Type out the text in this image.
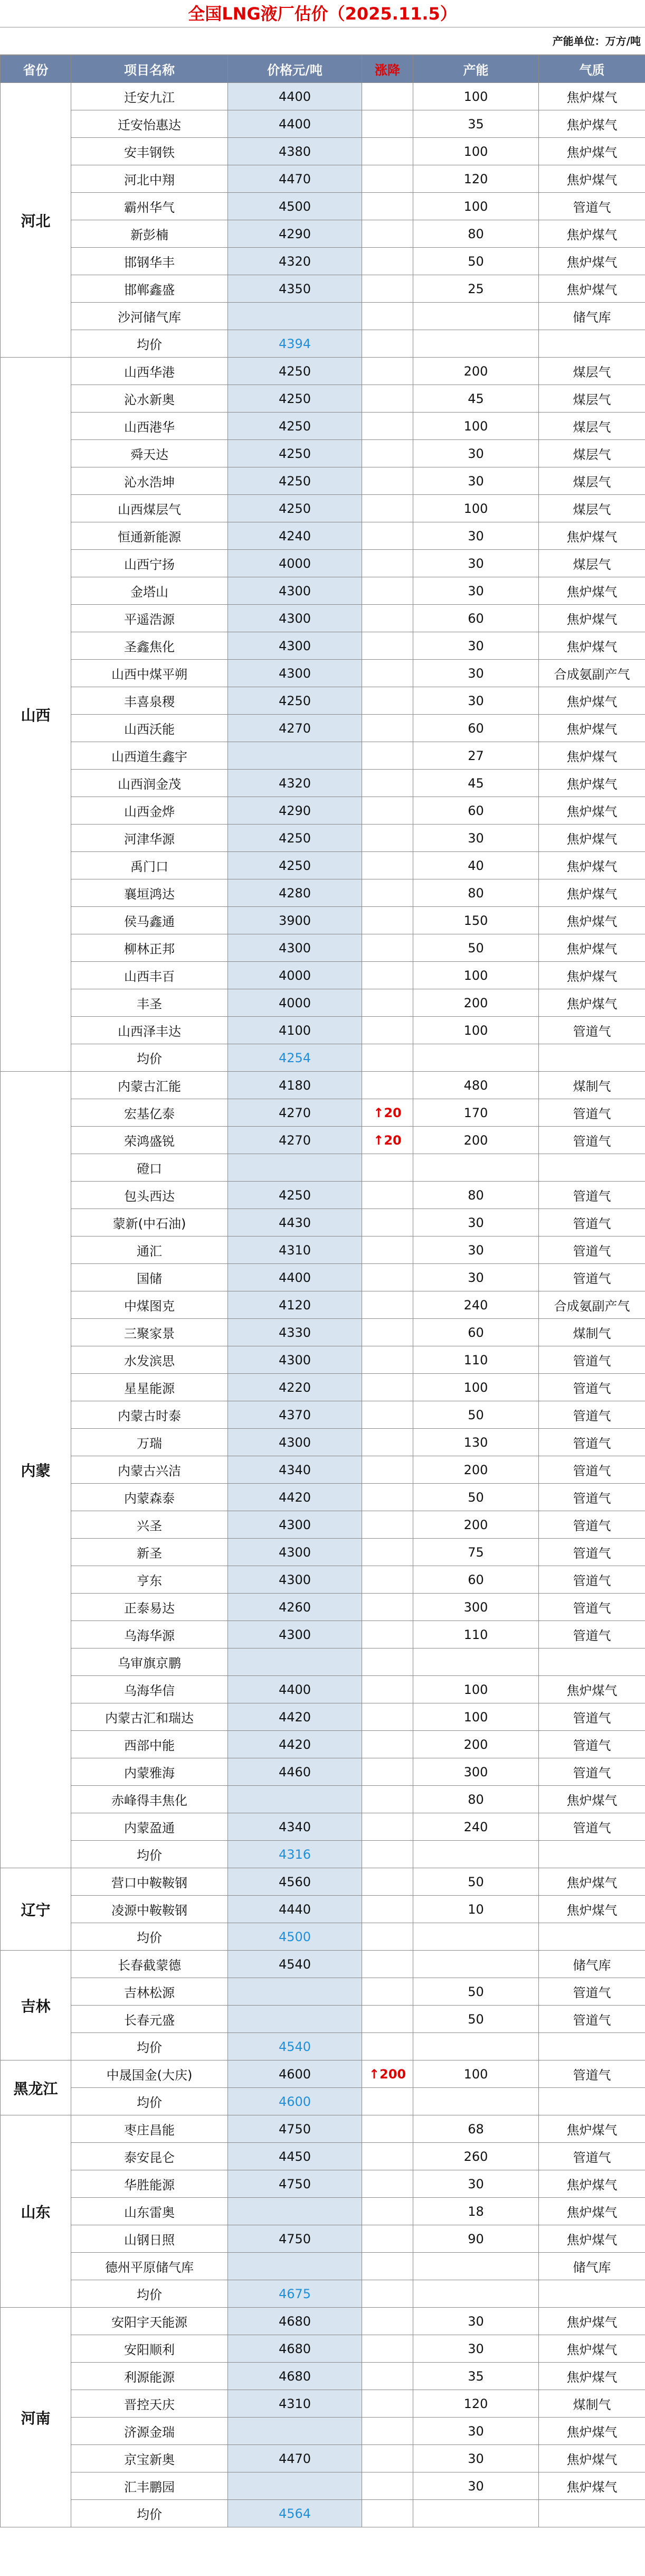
全国LNG液厂估价（2025.11.5）
产能单位：万方/吨
省份	项目名称	价格元/吨	涨降	产能	气质
河北	迁安九江	4400		100	焦炉煤气
	迁安怡惠达	4400		35	焦炉煤气
	安丰钢铁	4380		100	焦炉煤气
	河北中翔	4470		120	焦炉煤气
	霸州华气	4500		100	管道气
	新彭楠	4290		80	焦炉煤气
	邯钢华丰	4320		50	焦炉煤气
	邯郸鑫盛	4350		25	焦炉煤气
	沙河储气库				储气库
	均价	4394			
山西	山西华港	4250		200	煤层气
	沁水新奥	4250		45	煤层气
	山西港华	4250		100	煤层气
	舜天达	4250		30	煤层气
	沁水浩坤	4250		30	煤层气
	山西煤层气	4250		100	煤层气
	恒通新能源	4240		30	焦炉煤气
	山西宁扬	4000		30	煤层气
	金塔山	4300		30	焦炉煤气
	平遥浩源	4300		60	焦炉煤气
	圣鑫焦化	4300		30	焦炉煤气
	山西中煤平朔	4300		30	合成氨副产气
	丰喜泉稷	4250		30	焦炉煤气
	山西沃能	4270		60	焦炉煤气
	山西道生鑫宇			27	焦炉煤气
	山西润金茂	4320		45	焦炉煤气
	山西金烨	4290		60	焦炉煤气
	河津华源	4250		30	焦炉煤气
	禹门口	4250		40	焦炉煤气
	襄垣鸿达	4280		80	焦炉煤气
	侯马鑫通	3900		150	焦炉煤气
	柳林正邦	4300		50	焦炉煤气
	山西丰百	4000		100	焦炉煤气
	丰圣	4000		200	焦炉煤气
	山西泽丰达	4100		100	管道气
	均价	4254			
内蒙	内蒙古汇能	4180		480	煤制气
	宏基亿泰	4270	↑20	170	管道气
	荣鸿盛锐	4270	↑20	200	管道气
	磴口				
	包头西达	4250		80	管道气
	蒙新(中石油)	4430		30	管道气
	通汇	4310		30	管道气
	国储	4400		30	管道气
	中煤图克	4120		240	合成氨副产气
	三聚家景	4330		60	煤制气
	水发滨思	4300		110	管道气
	星星能源	4220		100	管道气
	内蒙古时泰	4370		50	管道气
	万瑞	4300		130	管道气
	内蒙古兴洁	4340		200	管道气
	内蒙森泰	4420		50	管道气
	兴圣	4300		200	管道气
	新圣	4300		75	管道气
	亨东	4300		60	管道气
	正泰易达	4260		300	管道气
	乌海华源	4300		110	管道气
	乌审旗京鹏				
	乌海华信	4400		100	焦炉煤气
	内蒙古汇和瑞达	4420		100	管道气
	西部中能	4420		200	管道气
	内蒙雅海	4460		300	管道气
	赤峰得丰焦化			80	焦炉煤气
	内蒙盈通	4340		240	管道气
	均价	4316			
辽宁	营口中鞍鞍钢	4560		50	焦炉煤气
	凌源中鞍鞍钢	4440		10	焦炉煤气
	均价	4500			
吉林	长春截蒙德	4540			储气库
	吉林松源			50	管道气
	长春元盛			50	管道气
	均价	4540			
黑龙江	中晟国金(大庆)	4600	↑200	100	管道气
	均价	4600			
山东	枣庄昌能	4750		68	焦炉煤气
	泰安昆仑	4450		260	管道气
	华胜能源	4750		30	焦炉煤气
	山东雷奥			18	焦炉煤气
	山钢日照	4750		90	焦炉煤气
	德州平原储气库				储气库
	均价	4675			
河南	安阳宇天能源	4680		30	焦炉煤气
	安阳顺利	4680		30	焦炉煤气
	利源能源	4680		35	焦炉煤气
	晋控天庆	4310		120	煤制气
	济源金瑞			30	焦炉煤气
	京宝新奥	4470		30	焦炉煤气
	汇丰鹏园			30	焦炉煤气
	均价	4564			
